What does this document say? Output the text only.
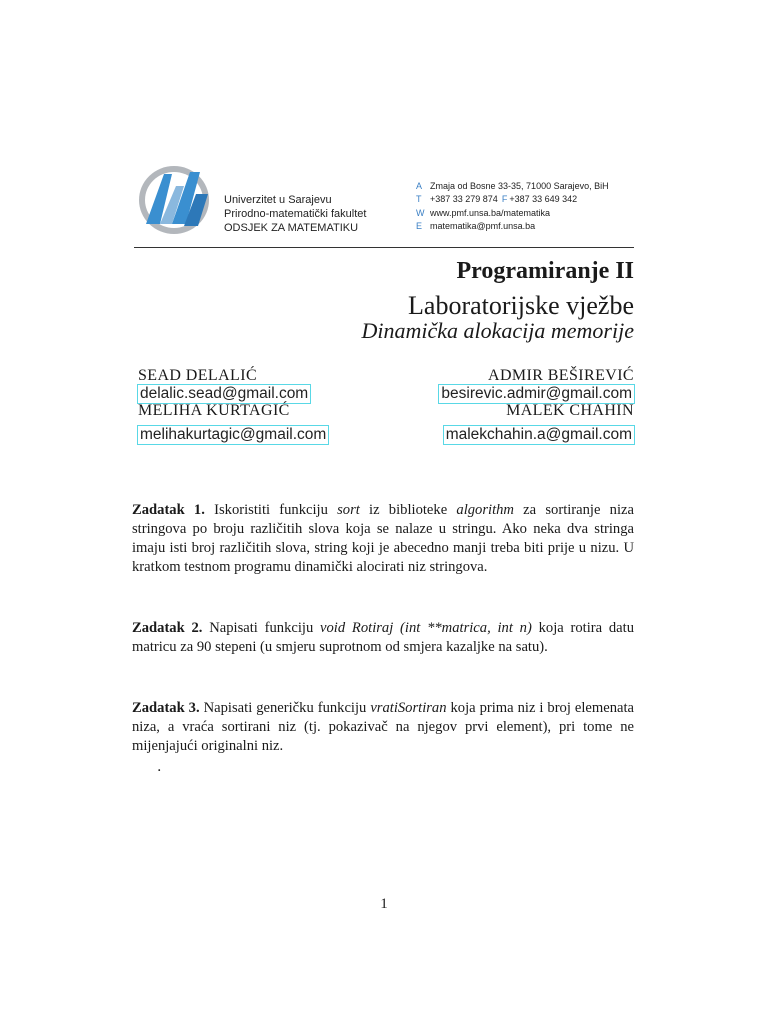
Univerzitet u Sarajevu
Prirodno-matematički fakultet
ODSJEK ZA MATEMATIKU
A Zmaja od Bosne 33-35, 71000 Sarajevo, BiH
T +387 33 279 874 F +387 33 649 342
W www.pmf.unsa.ba/matematika
E matematika@pmf.unsa.ba
Programiranje II
Laboratorijske vježbe
Dinamička alokacija memorije
SEAD DELALIĆ
delalic.sead@gmail.com
MELIHA KURTAGIĆ
melihakurtagic@gmail.com
ADMIR BEŠIREVIĆ
besirevic.admir@gmail.com
MALEK CHAHIN
malekchahin.a@gmail.com
Zadatak 1. Iskoristiti funkciju sort iz biblioteke algorithm za sortiranje niza stringova po broju različitih slova koja se nalaze u stringu. Ako neka dva stringa imaju isti broj različitih slova, string koji je abecedno manji treba biti prije u nizu. U kratkom testnom programu dinamički alocirati niz stringova.
Zadatak 2. Napisati funkciju void Rotiraj (int **matrica, int n) koja rotira datu matricu za 90 stepeni (u smjeru suprotnom od smjera kazaljke na satu).
Zadatak 3. Napisati generičku funkciju vratiSortiran koja prima niz i broj elemenata niza, a vraća sortirani niz (tj. pokazivač na njegov prvi element), pri tome ne mijenjajući originalni niz.
.
1
